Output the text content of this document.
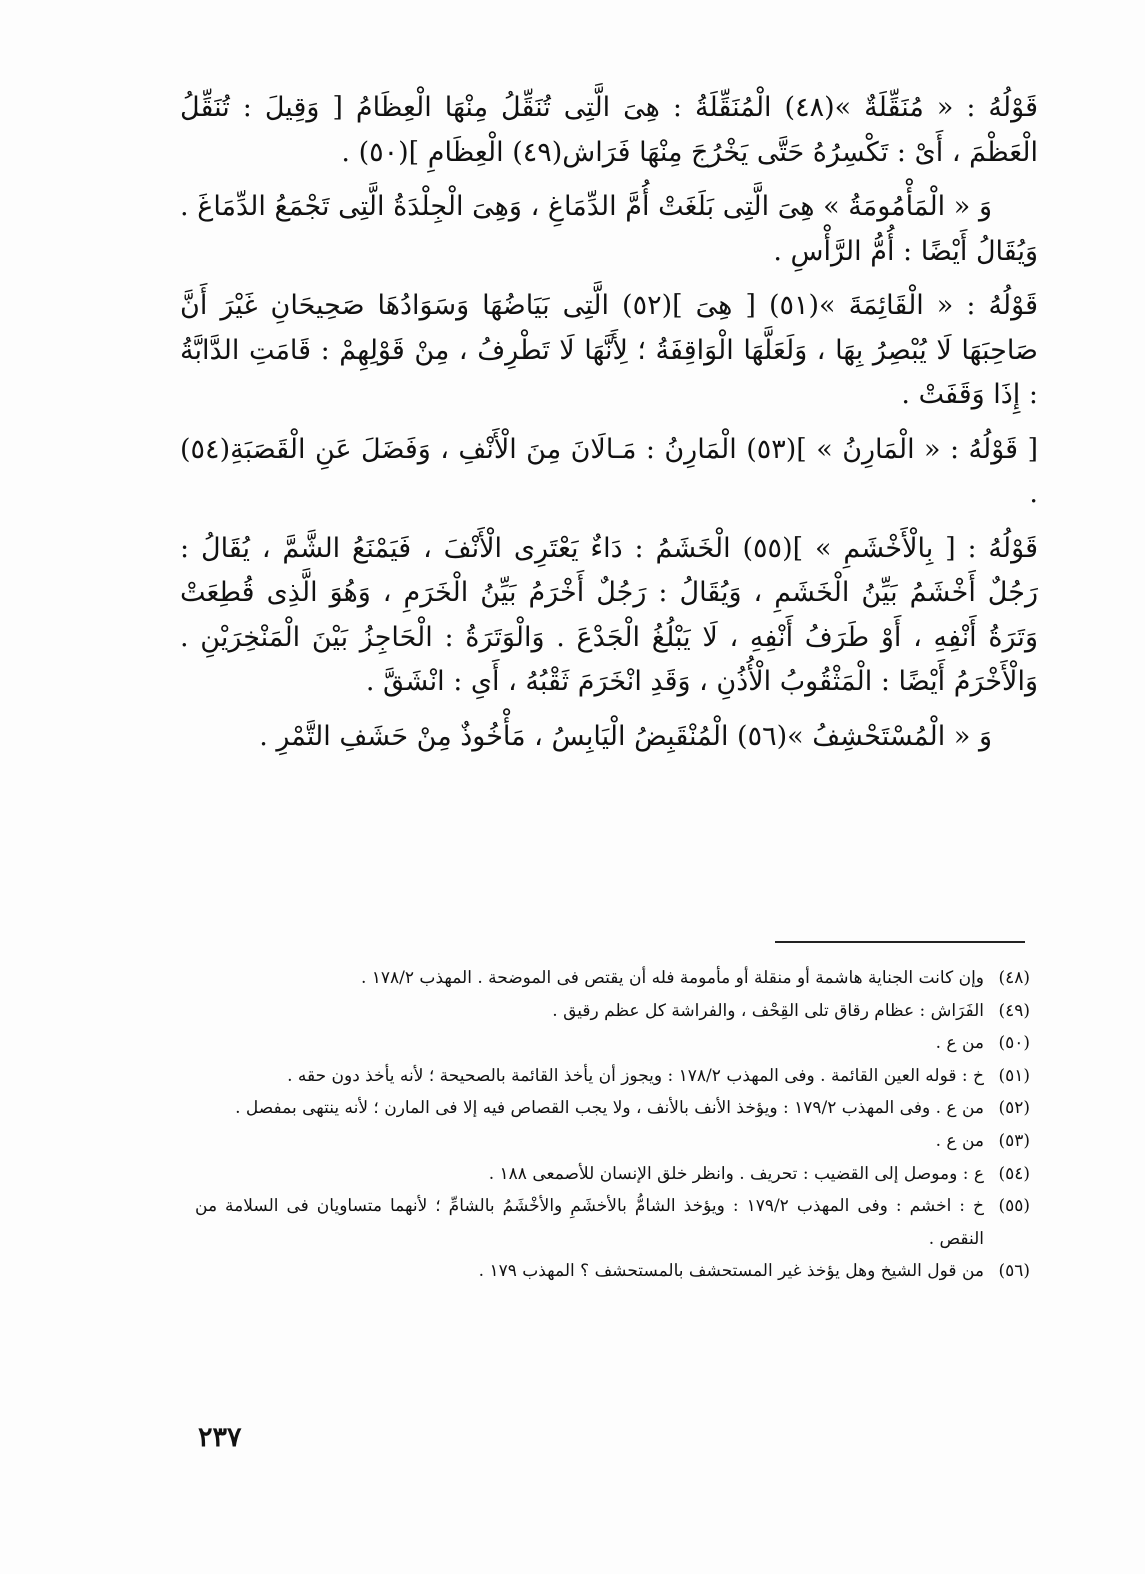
قَوْلُهُ : « مُنَقِّلَةٌ »(٤٨) الْمُنَقِّلَةُ : هِىَ الَّتِى تُنَقِّلُ مِنْهَا الْعِظَامُ [ وَقِيلَ : تُنَقِّلُ الْعَظْمَ ، أَىْ : تَكْسِرُهُ حَتَّى يَخْرُجَ مِنْهَا فَرَاش(٤٩) الْعِظَامِ ](٥٠) .

وَ « الْمَأْمُومَةُ » هِىَ الَّتِى بَلَغَتْ أُمَّ الدِّمَاغِ ، وَهِىَ الْجِلْدَةُ الَّتِى تَجْمَعُ الدِّمَاغَ . وَيُقَالُ أَيْضًا : أُمُّ الرَّأْسِ .

قَوْلُهُ : « الْقَائِمَةَ »(٥١) [ هِىَ ](٥٢) الَّتِى بَيَاضُهَا وَسَوَادُهَا صَحِيحَانِ غَيْرَ أَنَّ صَاحِبَهَا لَا يُبْصِرُ بِهَا ، وَلَعَلَّهَا الْوَاقِفَةُ ؛ لِأَنَّهَا لَا تَطْرِفُ ، مِنْ قَوْلِهِمْ : قَامَتِ الدَّابَّةُ : إِذَا وَقَفَتْ .

[ قَوْلُهُ : « الْمَارِنُ » ](٥٣) الْمَارِنُ : مَـالَانَ مِنَ الْأَنْفِ ، وَفَضَلَ عَنِ الْقَصَبَةِ(٥٤) .

قَوْلُهُ : [ بِالْأَخْشَمِ » ](٥٥) الْخَشَمُ : دَاءٌ يَعْتَرِى الْأَنْفَ ، فَيَمْنَعُ الشَّمَّ ، يُقَالُ : رَجُلٌ أَخْشَمُ بَيِّنُ الْخَشَمِ ، وَيُقَالُ : رَجُلٌ أَخْرَمُ بَيِّنُ الْخَرَمِ ، وَهُوَ الَّذِى قُطِعَتْ وَتَرَةُ أَنْفِهِ ، أَوْ طَرَفُ أَنْفِهِ ، لَا يَبْلُغُ الْجَدْعَ . وَالْوَتَرَةُ : الْحَاجِزُ بَيْنَ الْمَنْخِرَيْنِ . وَالْأَخْرَمُ أَيْضًا : الْمَثْقُوبُ الْأُذُنِ ، وَقَدِ انْخَرَمَ ثَقْبُهُ ، أَىِ : انْشَقَّ .

وَ « الْمُسْتَحْشِفُ »(٥٦) الْمُنْقَبِضُ الْيَابِسُ ، مَأْخُوذٌ مِنْ حَشَفِ التَّمْرِ .

(٤٨)
وإن كانت الجناية هاشمة أو منقلة أو مأمومة فله أن يقتص فى الموضحة . المهذب ١٧٨/٢ .
(٤٩)
الفَرَاش : عظام رقاق تلى القِحْف ، والفراشة كل عظم رقيق .
(٥٠)
من ع .
(٥١)
خ : قوله العين القائمة . وفى المهذب ١٧٨/٢ : ويجوز أن يأخذ القائمة بالصحيحة ؛ لأنه يأخذ دون حقه .
(٥٢)
من ع . وفى المهذب ١٧٩/٢ : ويؤخذ الأنف بالأنف ، ولا يجب القصاص فيه إلا فى المارن ؛ لأنه ينتهى بمفصل .
(٥٣)
من ع .
(٥٤)
ع : وموصل إلى القضيب : تحريف . وانظر خلق الإنسان للأصمعى ١٨٨ .
(٥٥)
خ : اخشم : وفى المهذب ١٧٩/٢ : ويؤخذ الشامُّ بالأخشَمِ والأخْشَمُ بالشامِّ ؛ لأنهما متساويان فى السلامة من النقص .
(٥٦)
من قول الشيخ وهل يؤخذ غير المستحشف بالمستحشف ؟ المهذب ١٧٩ .
٢٣٧
